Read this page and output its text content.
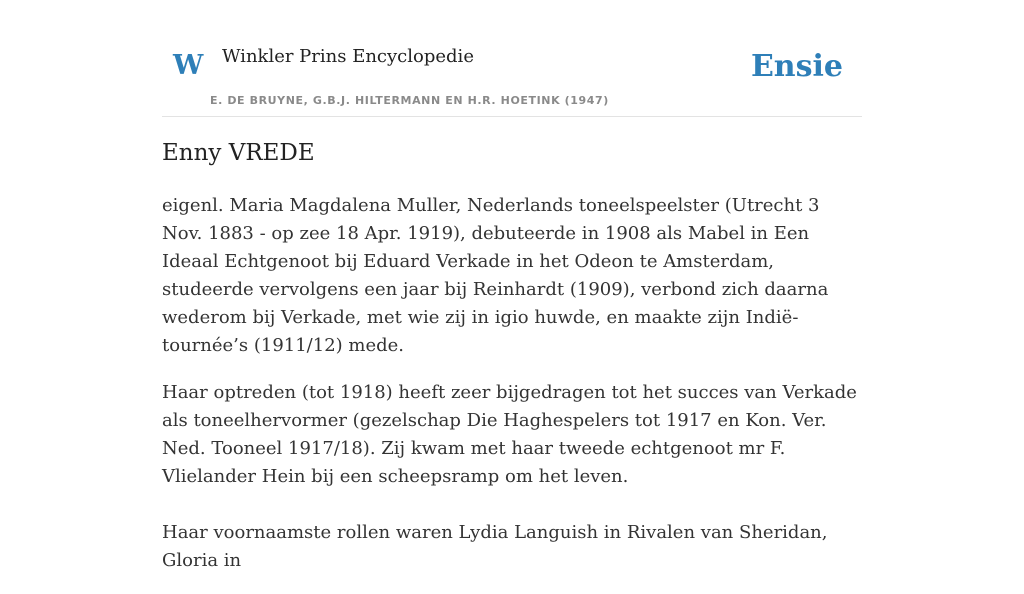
W Winkler Prins Encyclopedie
E. DE BRUYNE, G.B.J. HILTERMANN EN H.R. HOETINK (1947)
Ensie
Enny VREDE

eigenl. Maria Magdalena Muller, Nederlands toneelspeelster (Utrecht 3 Nov. 1883 - op zee 18 Apr. 1919), debuteerde in 1908 als Mabel in Een Ideaal Echtgenoot bij Eduard Verkade in het Odeon te Amsterdam, studeerde vervolgens een jaar bij Reinhardt (1909), verbond zich daarna wederom bij Verkade, met wie zij in igio huwde, en maakte zijn Indië-tournée’s (1911/12) mede.

Haar optreden (tot 1918) heeft zeer bijgedragen tot het succes van Verkade als toneelhervormer (gezelschap Die Haghespelers tot 1917 en Kon. Ver. Ned. Tooneel 1917/18). Zij kwam met haar tweede echtgenoot mr F. Vlielander Hein bij een scheepsramp om het leven.

Haar voornaamste rollen waren Lydia Languish in Rivalen van Sheridan, Gloria in
